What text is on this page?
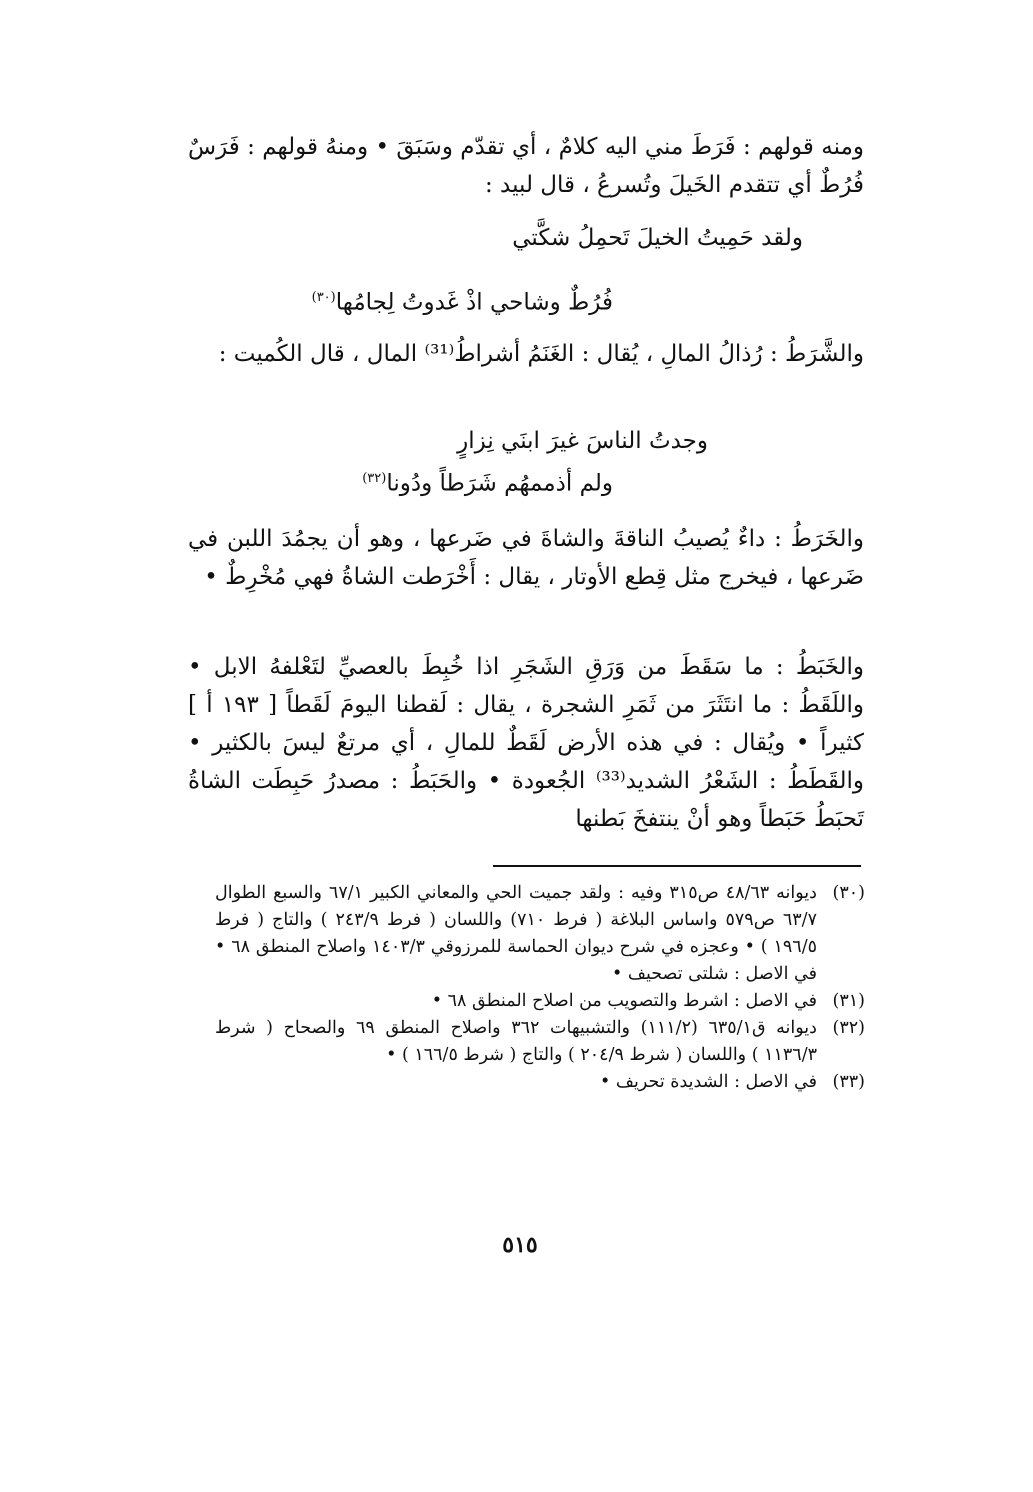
ومنه قولهم : فَرَطَ مني اليه كلامٌ ، أي تقدّم وسَبَقَ • ومنهُ قولهم : فَرَسٌ فُرُطٌ أي تتقدم الخَيلَ وتُسرعُ ، قال لبيد :
ولقد حَمِيتُ الخيلَ تَحمِلُ شكَّتي
فُرُطٌ وشاحي اذْ غَدوتُ لِجامُها$^{(٣٠)}$
والشَّرَطُ : رُذالُ المالِ ، يُقال : الغَنَمُ أشراطُ⁽³¹⁾ المال ، قال الكُميت :
وجدتُ الناسَ غيرَ ابنَي نِزارٍ
ولم أذممهُم شَرَطاً ودُونا$^{(٣٢)}$
والخَرَطُ : داءٌ يُصيبُ الناقةَ والشاةَ في ضَرعها ، وهو أن يجمُدَ اللبن في ضَرعها ، فيخرج مثل قِطع الأوتار ، يقال : أَخْرَطت الشاةُ فهي مُخْرِطٌ •
والخَبَطُ : ما سَقَطَ من وَرَقِ الشَجَرِ اذا خُبِطَ بالعصيِّ لتَعْلفهُ الابل • واللَقَطُ : ما انتَثَرَ من ثَمَرِ الشجرة ، يقال : لَقطنا اليومَ لَقَطاً [ ١٩٣ أ ] كثيراً • ويُقال : في هذه الأرض لَقَطٌ للمالِ ، أي مرتعٌ ليسَ بالكثير • والقَطَطُ : الشَعْرُ الشديد⁽³³⁾ الجُعودة • والحَبَطُ : مصدرُ حَبِطَت الشاةُ تَحبَطُ حَبَطاً وهو أنْ ينتفخَ بَطنها
(٣٠)
ديوانه ٤٨/٦٣ ص٣١٥ وفيه : ولقد جميت الحي والمعاني الكبير ٦٧/١ والسبع الطوال ٦٣/٧ ص٥٧٩ واساس البلاغة ( فرط ٧١٠) واللسان ( فرط ٢٤٣/٩ ) والتاج ( فرط ١٩٦/٥ ) • وعجزه في شرح ديوان الحماسة للمرزوقي ١٤٠٣/٣ واصلاح المنطق ٦٨ • في الاصل : شلتى تصحيف •
(٣١)
في الاصل : اشرط والتصويب من اصلاح المنطق ٦٨ •
(٣٢)
ديوانه ق٦٣٥/١ (١١١/٢) والتشبيهات ٣٦٢ واصلاح المنطق ٦٩ والصحاح ( شرط ١١٣٦/٣ ) واللسان ( شرط ٢٠٤/٩ ) والتاج ( شرط ١٦٦/٥ ) •
(٣٣)
في الاصل : الشديدة تحريف •
٥١٥
